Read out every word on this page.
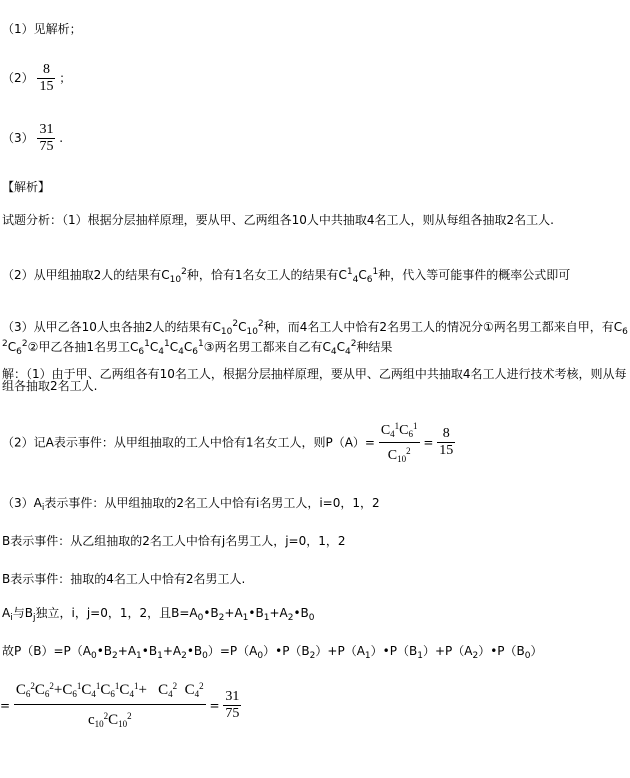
（1）见解析；
$(2) \frac{8}{15}$ ；
$(3) \frac{31}{75}$ .
【解析】
试题分析：（1）根据分层抽样原理，要从甲、乙两组各10人中共抽取4名工人，则从每组各抽取2名工人.
（2）从甲组抽取2人的结果有$C_{10}^2$种，恰有1名女工人的结果有$C^1_4C_6^1$种，代入等可能事件的概率公式即可
（3）从甲乙各10人虫各抽2人的结果有$C_{10}^2C_{10}^2$种，而4名工人中恰有2名男工人的情况分①两名男工都来自甲，有$C_6^2C_6^2②$甲乙各抽1名男工$C_6^1C_4^1C_4C_6^1③$两名男工都来自乙有$C_4C_4^2$种结果
解：（1）由于甲、乙两组各有10名工人，根据分层抽样原理，要从甲、乙两组中共抽取4名工人进行技术考核，则从每组各抽取2名工人.
（2）记A表示事件：从甲组抽取的工人中恰有1名女工人，则$P(A)= \frac{C_4^1C_6^1}{C_{10}^2} = \frac{8}{15}$
$(3)A_i$表示事件：从甲组抽取的2名工人中恰有i名男工人，i=0，1，2
B表示事件：从乙组抽取的2名工人中恰有j名男工人，j=0，1，2
B表示事件：抽取的4名工人中恰有2名男工人.
$A_i$与$B_j$独立，i，j=0，1，2，且$B=A_0•B_2+A_1•B_1+A_2•B_0$
故$P(B)=P(A_0•B_2+A_1•B_1+A_2•B_0)=P(A_0)•P(B_2)+P(A_1)•P(B_1)+P(A_2)•P(B_0)$
= $\frac{C_6^2C_6^2+C_6^1C_4^1C_6^1C_4^1+ C_4^2 C_4^2}{c_{10}^2C_{10}^2} = \frac{31}{75}$
